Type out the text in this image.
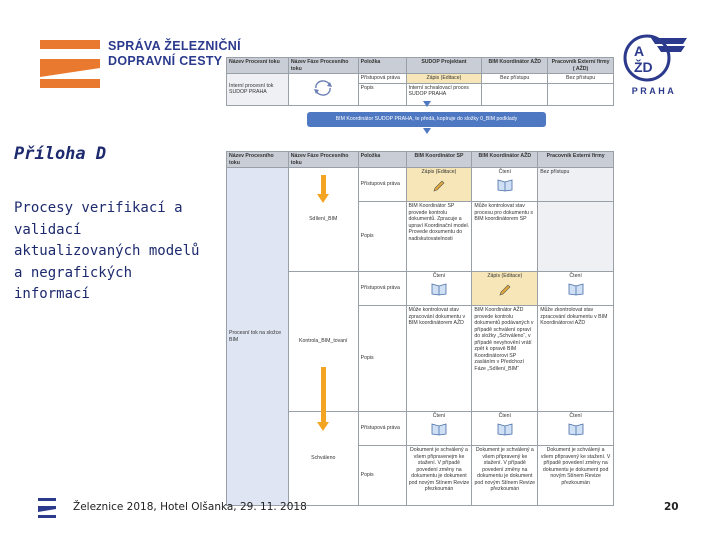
SPRÁVA ŽELEZNIČNÍ
DOPRAVNÍ CESTY
A
ŽD
PRAHA
Příloha D
Procesy verifikací a validací aktualizovaných modelů a negrafických informací
Název Procesní toku	Název Fáze Procesního toku	Položka	SUDOP Projektant	BIM Koordinátor AŽD	Pracovník Externí firmy ( AŽD)
Interní procesní tok SUDOP PRAHA		Přístupová práva	Zápis (Editace)	Bez přístupu	Bez přístupu
		Popis	Interní schvalovací proces SUDOP PRAHA		
BIM Koordinátor SUDOP PRAHA, te předá, kopíruje do složky 0_BIM podklady
Název Procesního toku	Název Fáze Procesního toku	Položka	BIM Koordinátor SP	BIM Koordinátor AŽD	Pracovník Externí firmy
Procesní tok na složce BIM	Sdílení_BIM	Přístupová práva	Zápis (Editace)	Čtení	Bez přístupu
		Popis	BIM Koordinátor SP provede kontrolu dokumentů. Zpracuje a upraví Koordinační model. Provede doxumentu do nadiskutovatelnosti	Může kontrolovat stav procesu pro dokumentu s BIM koordinátorem SP	
	Kontrola_BIM_tovaní	Přístupová práva	Čtení	Zápis (Editace)	Čtení

		Popis	Může kontrolovat stav zpracování dokumentu v BIM koordinátorem AŽD	BIM Koordinátor AŽD provede kontrolu dokumentů podávaných v případě schválení opraví do složky „Schváleno“, v případě nevyhovění vrátí zpět k opravě BIM Koordinátorovi SP zasláním v Předchozí Fáze „Sdílení_BIM“	Může zkontrolovat stav zpracování dokumentu v BIM Koordinátorovi AŽD
	Schváleno	Přístupová práva	Čtení	Čtení	Čtení

		Popis	Dokument je schválený a všem připravenejm ke stažení. V případě povedení změny na dokumentu je dokument pod novým Stínem Revize přezkoumán	Dokument je schválený a všem připravený ke stažení. V případě povedení změny na dokumentu je dokument pod novým Stínem Revize přezkoumán	Dokument je schválený a všem připravený ke stažení. V případě povedení změny na dokumentu je dokument pod novým Stínem Revize přezkoumán
Železnice 2018, Hotel Olšanka, 29. 11. 2018	20
